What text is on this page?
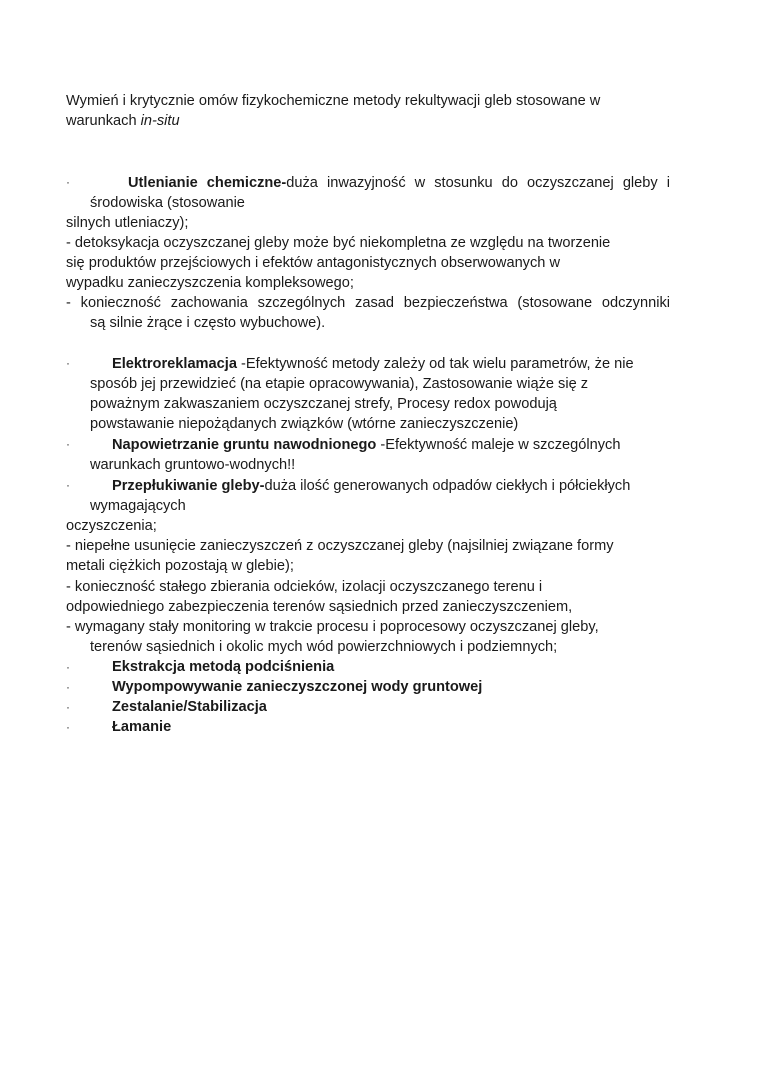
Wymień i krytycznie omów fizykochemiczne metody rekultywacji gleb stosowane w
warunkach in-situ
·	Utlenianie chemiczne-duża inwazyjność w stosunku do oczyszczanej gleby i
środowiska (stosowanie
silnych utleniaczy);
- detoksykacja oczyszczanej gleby może być niekompletna ze względu na tworzenie
się produktów przejściowych i efektów antagonistycznych obserwowanych w
wypadku zanieczyszczenia kompleksowego;
- konieczność zachowania szczególnych zasad bezpieczeństwa (stosowane odczynniki
są silnie żrące i często wybuchowe).
·	Elektroreklamacja -Efektywność metody zależy od tak wielu parametrów, że nie
sposób jej przewidzieć (na etapie opracowywania), Zastosowanie wiąże się z
poważnym zakwaszaniem oczyszczanej strefy, Procesy redox powodują
powstawanie niepożądanych związków (wtórne zanieczyszczenie)
·	Napowietrzanie gruntu nawodnionego -Efektywność maleje w szczególnych
warunkach gruntowo-wodnych!!
·	Przepłukiwanie gleby-duża ilość generowanych odpadów ciekłych i półciekłych
wymagających
oczyszczenia;
- niepełne usunięcie zanieczyszczeń z oczyszczanej gleby (najsilniej związane formy
metali ciężkich pozostają w glebie);
- konieczność stałego zbierania odcieków, izolacji oczyszczanego terenu i
odpowiedniego zabezpieczenia terenów sąsiednich przed zanieczyszczeniem,
- wymagany stały monitoring w trakcie procesu i poprocesowy oczyszczanej gleby,
terenów sąsiednich i okolic mych wód powierzchniowych i podziemnych;
·	Ekstrakcja metodą podciśnienia
·	Wypompowywanie zanieczyszczonej wody gruntowej
·	Zestalanie/Stabilizacja
·	Łamanie
